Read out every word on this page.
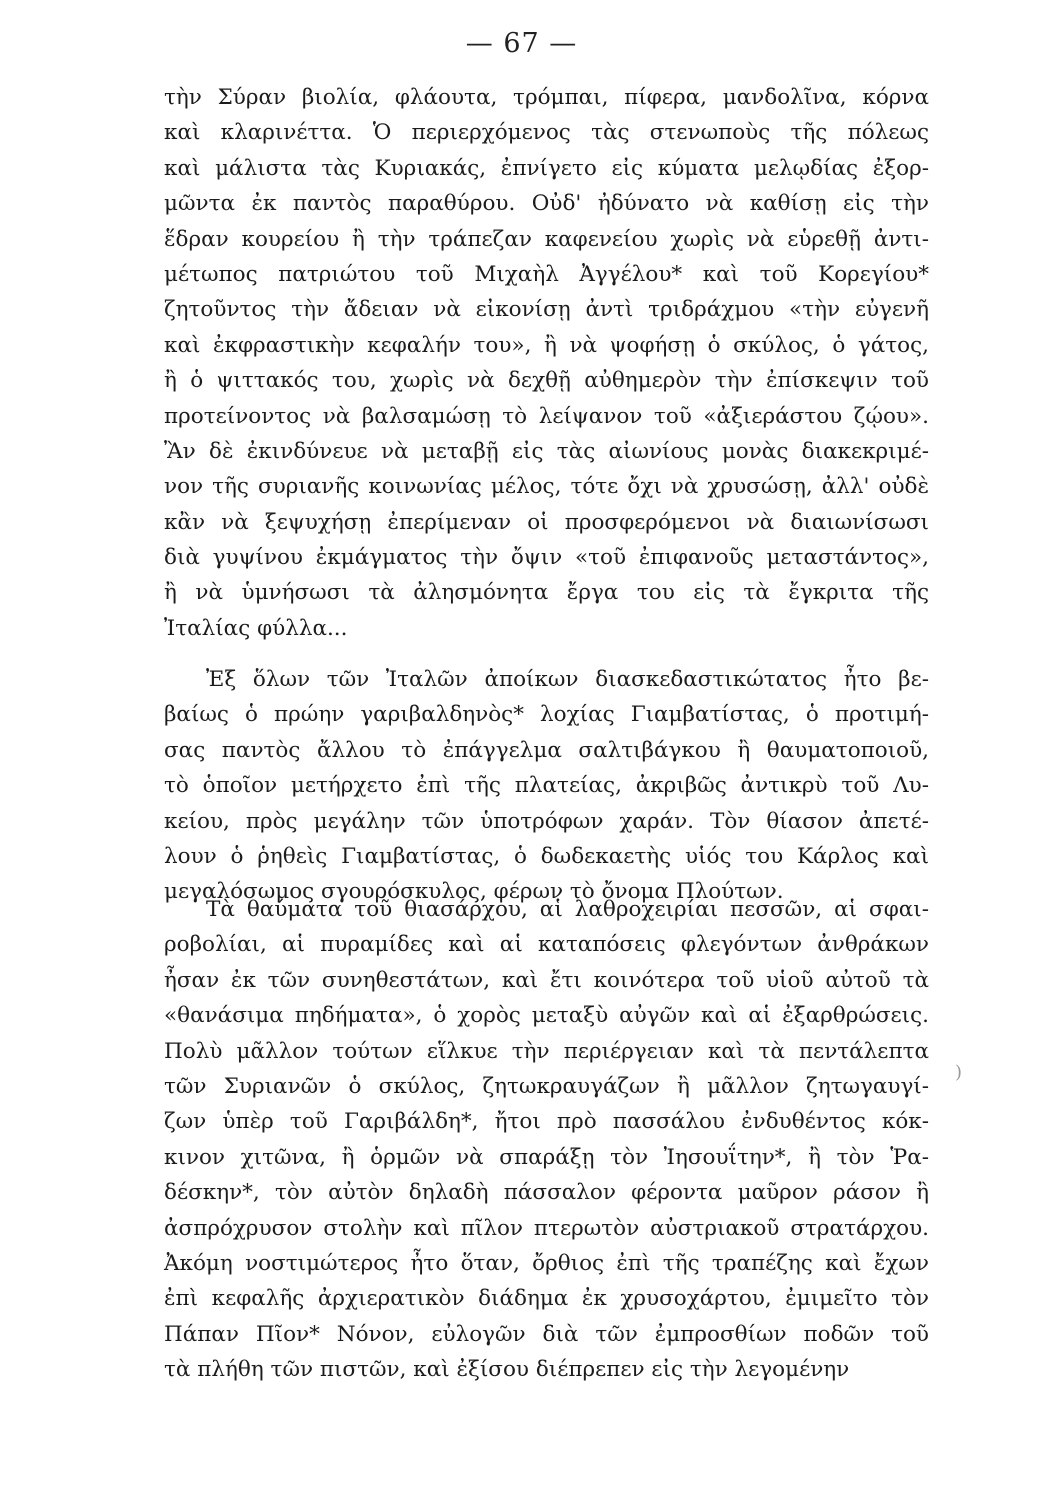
— 67 —
τὴν Σύραν βιολία, φλάουτα, τρόμπαι, πίφερα, μανδολῖνα, κόρνα
καὶ κλαρινέττα. Ὁ περιερχόμενος τὰς στενωποὺς τῆς πόλεως
καὶ μάλιστα τὰς Κυριακάς, ἐπνίγετο εἰς κύματα μελῳδίας ἐξορ-
μῶντα ἐκ παντὸς παραθύρου. Οὐδ' ἠδύνατο νὰ καθίσῃ εἰς τὴν
ἕδραν κουρείου ἢ τὴν τράπεζαν καφενείου χωρὶς νὰ εὑρεθῇ ἀντι-
μέτωπος πατριώτου τοῦ Μιχαὴλ Ἀγγέλου* καὶ τοῦ Κορεγίου*
ζητοῦντος τὴν ἄδειαν νὰ εἰκονίσῃ ἀντὶ τριδράχμου «τὴν εὐγενῆ
καὶ ἐκφραστικὴν κεφαλήν του», ἢ νὰ ψοφήσῃ ὁ σκύλος, ὁ γάτος,
ἢ ὁ ψιττακός του, χωρὶς νὰ δεχθῇ αὐθημερὸν τὴν ἐπίσκεψιν τοῦ
προτείνοντος νὰ βαλσαμώσῃ τὸ λείψανον τοῦ «ἀξιεράστου ζῴου».
Ἂν δὲ ἐκινδύνευε νὰ μεταβῇ εἰς τὰς αἰωνίους μονὰς διακεκριμέ-
νον τῆς συριανῆς κοινωνίας μέλος, τότε ὄχι νὰ χρυσώσῃ, ἀλλ' οὐδὲ
κἂν νὰ ξεψυχήσῃ ἐπερίμεναν οἱ προσφερόμενοι νὰ διαιωνίσωσι
διὰ γυψίνου ἐκμάγματος τὴν ὄψιν «τοῦ ἐπιφανοῦς μεταστάντος»,
ἢ νὰ ὑμνήσωσι τὰ ἀλησμόνητα ἔργα του εἰς τὰ ἔγκριτα τῆς
Ἰταλίας φύλλα...
Ἐξ ὅλων τῶν Ἰταλῶν ἀποίκων διασκεδαστικώτατος ἦτο βε-
βαίως ὁ πρώην γαριβαλδηνὸς* λοχίας Γιαμβατίστας, ὁ προτιμή-
σας παντὸς ἄλλου τὸ ἐπάγγελμα σαλτιβάγκου ἢ θαυματοποιοῦ,
τὸ ὁποῖον μετήρχετο ἐπὶ τῆς πλατείας, ἀκριβῶς ἀντικρὺ τοῦ Λυ-
κείου, πρὸς μεγάλην τῶν ὑποτρόφων χαράν. Τὸν θίασον ἀπετέ-
λουν ὁ ῥηθεὶς Γιαμβατίστας, ὁ δωδεκαετὴς υἱός του Κάρλος καὶ
μεγαλόσωμος σγουρόσκυλος, φέρων τὸ ὄνομα Πλούτων.
Τὰ θαύματα τοῦ θιασάρχου, αἱ λαθροχειρίαι πεσσῶν, αἱ σφαι-
ροβολίαι, αἱ πυραμίδες καὶ αἱ καταπόσεις φλεγόντων ἀνθράκων
ἦσαν ἐκ τῶν συνηθεστάτων, καὶ ἔτι κοινότερα τοῦ υἱοῦ αὐτοῦ τὰ
«θανάσιμα πηδήματα», ὁ χορὸς μεταξὺ αὐγῶν καὶ αἱ ἐξαρθρώσεις.
Πολὺ μᾶλλον τούτων εἵλκυε τὴν περιέργειαν καὶ τὰ πεντάλεπτα
τῶν Συριανῶν ὁ σκύλος, ζητωκραυγάζων ἢ μᾶλλον ζητωγαυγί-
ζων ὑπὲρ τοῦ Γαριβάλδη*, ἤτοι πρὸ πασσάλου ἐνδυθέντος κόκ-
κινον χιτῶνα, ἢ ὁρμῶν νὰ σπαράξῃ τὸν Ἰησουΐτην*, ἢ τὸν Ῥα-
δέσκην*, τὸν αὐτὸν δηλαδὴ πάσσαλον φέροντα μαῦρον ράσον ἢ
ἀσπρόχρυσον στολὴν καὶ πῖλον πτερωτὸν αὐστριακοῦ στρατάρχου.
Ἀκόμη νοστιμώτερος ἦτο ὅταν, ὄρθιος ἐπὶ τῆς τραπέζης καὶ ἔχων
ἐπὶ κεφαλῆς ἀρχιερατικὸν διάδημα ἐκ χρυσοχάρτου, ἐμιμεῖτο τὸν
Πάπαν Πῖον* Νόνον, εὐλογῶν διὰ τῶν ἐμπροσθίων ποδῶν τοῦ
τὰ πλήθη τῶν πιστῶν, καὶ ἐξίσου διέπρεπεν εἰς τὴν λεγομένην
)
